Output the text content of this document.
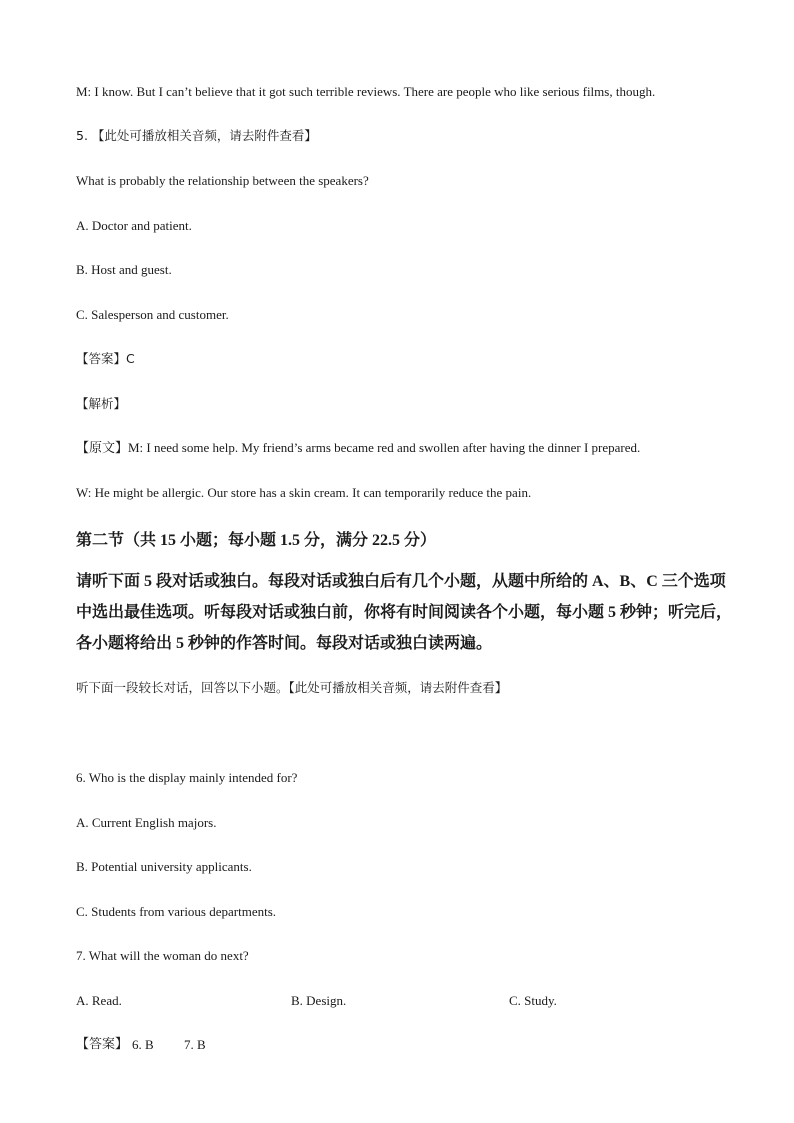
M: I know. But I can’t believe that it got such terrible reviews. There are people who like serious films, though.
5. 【此处可播放相关音频，请去附件查看】
What is probably the relationship between the speakers?
A. Doctor and patient.
B. Host and guest.
C. Salesperson and customer.
【答案】C
【解析】
【原文】M: I need some help. My friend’s arms became red and swollen after having the dinner I prepared.
W: He might be allergic. Our store has a skin cream. It can temporarily reduce the pain.
第二节（共 15 小题；每小题 1.5 分，满分 22.5 分）
请听下面 5 段对话或独白。每段对话或独白后有几个小题，从题中所给的 A、B、C 三个选项中选出最佳选项。听每段对话或独白前，你将有时间阅读各个小题，每小题 5 秒钟；听完后，各小题将给出 5 秒钟的作答时间。每段对话或独白读两遍。
听下面一段较长对话，回答以下小题。【此处可播放相关音频，请去附件查看】
6. Who is the display mainly intended for?
A. Current English majors.
B. Potential university applicants.
C. Students from various departments.
7. What will the woman do next?
A. Read.	B. Design.	C. Study.
【答案】 6. B 7. B
